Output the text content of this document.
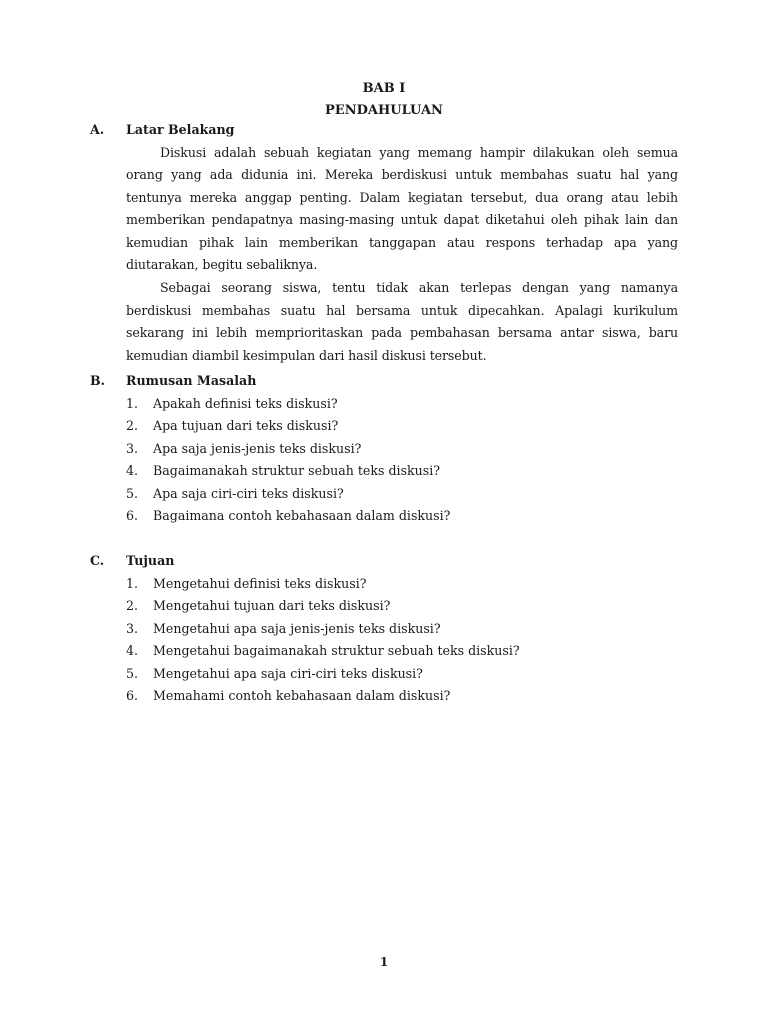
BAB I
PENDAHULUAN
A.	Latar Belakang

Diskusi adalah sebuah kegiatan yang memang hampir dilakukan oleh semua orang yang ada didunia ini. Mereka berdiskusi untuk membahas suatu hal yang tentunya mereka anggap penting. Dalam kegiatan tersebut, dua orang atau lebih memberikan pendapatnya masing-masing untuk dapat diketahui oleh pihak lain dan kemudian pihak lain memberikan tanggapan atau respons terhadap apa yang diutarakan, begitu sebaliknya.

Sebagai seorang siswa, tentu tidak akan terlepas dengan yang namanya berdiskusi membahas suatu hal bersama untuk dipecahkan. Apalagi kurikulum sekarang ini lebih memprioritaskan pada pembahasan bersama antar siswa, baru kemudian diambil kesimpulan dari hasil diskusi tersebut.

B.	Rumusan Masalah
1.	Apakah definisi teks diskusi?
2.	Apa tujuan dari teks diskusi?
3.	Apa saja jenis-jenis teks diskusi?
4.	Bagaimanakah struktur sebuah teks diskusi?
5.	Apa saja ciri-ciri teks diskusi?
6.	Bagaimana contoh kebahasaan dalam diskusi?
C.	Tujuan
1.	Mengetahui definisi teks diskusi?
2.	Mengetahui tujuan dari teks diskusi?
3.	Mengetahui apa saja jenis-jenis teks diskusi?
4.	Mengetahui bagaimanakah struktur sebuah teks diskusi?
5.	Mengetahui apa saja ciri-ciri teks diskusi?
6.	Memahami contoh kebahasaan dalam diskusi?
1
